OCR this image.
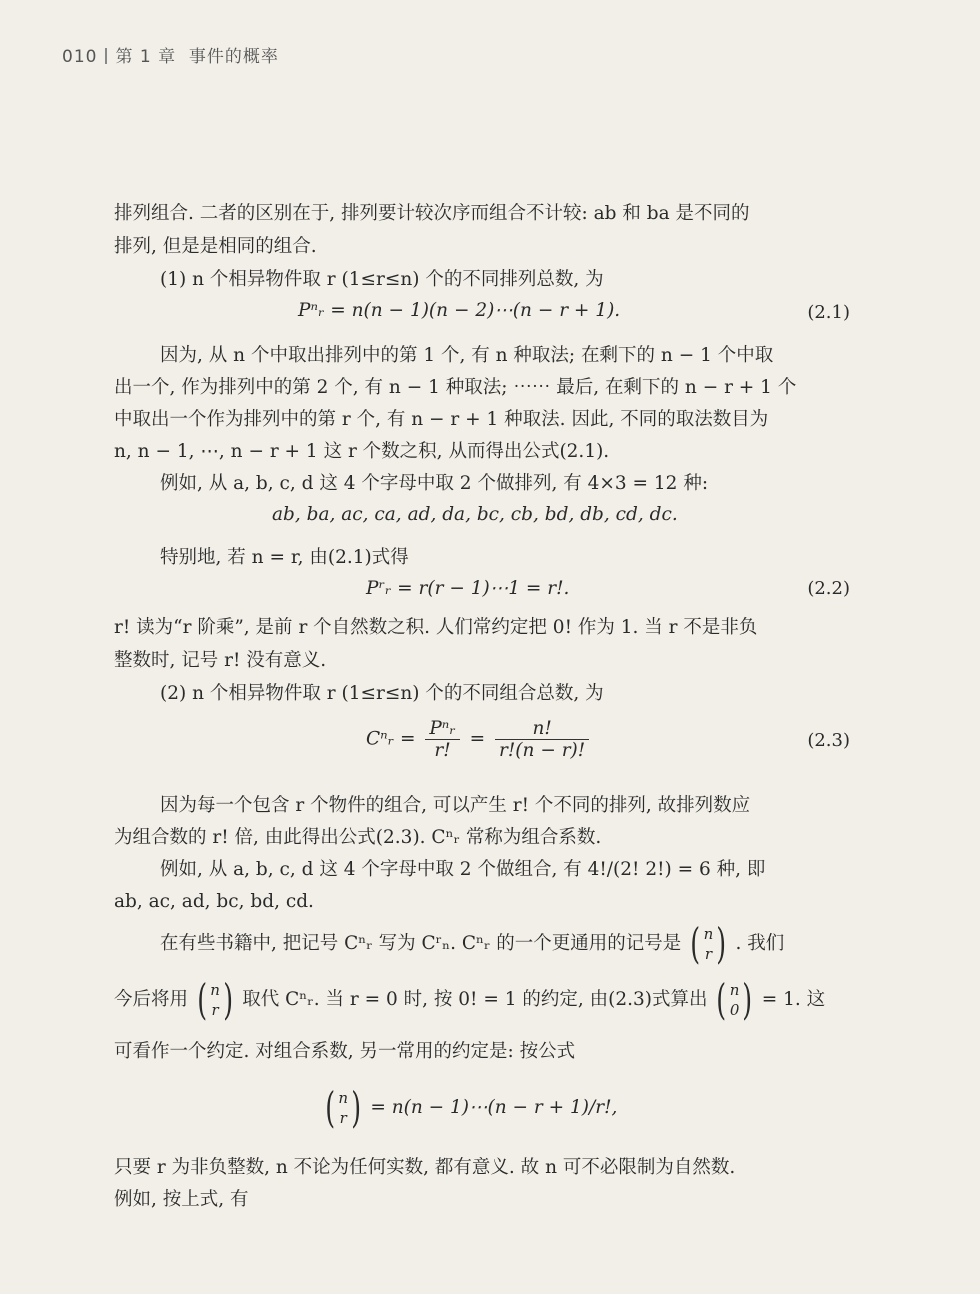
010 第 1 章 事件的概率
排列组合. 二者的区别在于, 排列要计较次序而组合不计较: ab 和 ba 是不同的
排列, 但是是相同的组合.
(1) n 个相异物件取 r (1≤r≤n) 个的不同排列总数, 为
Pⁿᵣ = n(n − 1)(n − 2)⋯(n − r + 1).	(2.1)
因为, 从 n 个中取出排列中的第 1 个, 有 n 种取法; 在剩下的 n − 1 个中取
出一个, 作为排列中的第 2 个, 有 n − 1 种取法; ⋯⋯ 最后, 在剩下的 n − r + 1 个
中取出一个作为排列中的第 r 个, 有 n − r + 1 种取法. 因此, 不同的取法数目为
n, n − 1, ⋯, n − r + 1 这 r 个数之积, 从而得出公式(2.1).
例如, 从 a, b, c, d 这 4 个字母中取 2 个做排列, 有 4×3 = 12 种:
ab, ba, ac, ca, ad, da, bc, cb, bd, db, cd, dc.
特别地, 若 n = r, 由(2.1)式得
Pʳᵣ = r(r − 1)⋯1 = r!.	(2.2)
r! 读为“r 阶乘”, 是前 r 个自然数之积. 人们常约定把 0! 作为 1. 当 r 不是非负
整数时, 记号 r! 没有意义.
(2) n 个相异物件取 r (1≤r≤n) 个的不同组合总数, 为
Cⁿᵣ = $\frac{\text{Pⁿᵣ}}{r!} = \frac{n!}{r!(n - r)!}$	(2.3)
因为每一个包含 r 个物件的组合, 可以产生 r! 个不同的排列, 故排列数应
为组合数的 r! 倍, 由此得出公式(2.3). Cⁿᵣ 常称为组合系数.
例如, 从 a, b, c, d 这 4 个字母中取 2 个做组合, 有 4!/(2! 2!) = 6 种, 即
ab, ac, ad, bc, bd, cd.
在有些书籍中, 把记号 Cⁿᵣ 写为 Cʳₙ. Cⁿᵣ 的一个更通用的记号是 ( n
r ) . 我们
今后将用 ( n
r ) 取代 Cⁿᵣ. 当 r = 0 时, 按 0! = 1 的约定, 由(2.3)式算出 ( n
0 ) = 1. 这
可看作一个约定. 对组合系数, 另一常用的约定是: 按公式
( n
r ) = n(n − 1)⋯(n − r + 1)/r!,
只要 r 为非负整数, n 不论为任何实数, 都有意义. 故 n 可不必限制为自然数.
例如, 按上式, 有
